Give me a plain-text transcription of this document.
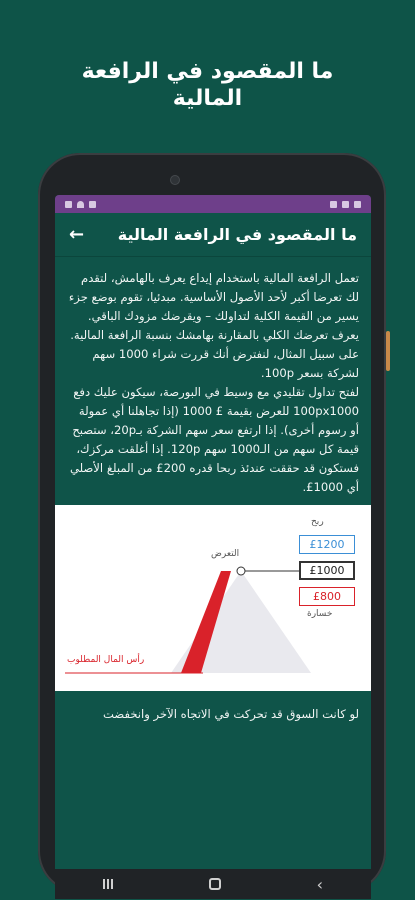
ما المقصود في الرافعة
المالية
← ما المقصود في الرافعة المالية

تعمل الرافعة المالية باستخدام إيداع يعرف بالهامش، لتقدم لك تعرضا أكبر لأحد الأصول الأساسية. مبدئيا، تقوم بوضع جزء يسير من القيمة الكلية لتداولك – ويقرضك مزودك الباقي.

يعرف تعرضك الكلي بالمقارنة بهامشك بنسبة الرافعة المالية.

على سبيل المثال، لنفترض أنك قررت شراء 1000 سهم لشركة بسعر 100p.

لفتح تداول تقليدي مع وسيط في البورصة، سيكون عليك دفع 100px1000 للعرض بقيمة £ 1000 (إذا تجاهلنا أي عمولة أو رسوم أخرى). إذا ارتفع سعر سهم الشركة بـ20p، ستصبح قيمة كل سهم من الـ1000 سهم 120p. إذا أغلقت مركزك، فستكون قد حققت عندئذ ربحا قدره 200£ من المبلغ الأصلي أي 1000£.

ربح
£1200
£1000
£800
خسارة
التعرض
رأس المال المطلوب

لو كانت السوق قد تحركت في الاتجاه الآخر وانخفضت

‹
